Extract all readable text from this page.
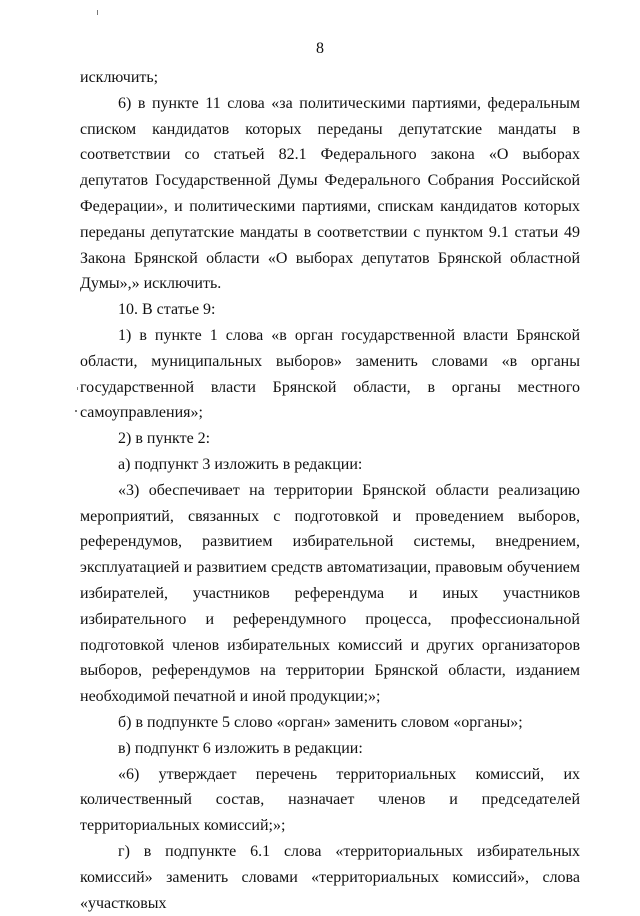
8

исключить;

6) в пункте 11 слова «за политическими партиями, федеральным списком кандидатов которых переданы депутатские мандаты в соответствии со статьей 82.1 Федерального закона «О выборах депутатов Государственной Думы Федерального Собрания Российской Федерации», и политическими партиями, спискам кандидатов которых переданы депутатские мандаты в соответствии с пунктом 9.1 статьи 49 Закона Брянской области «О выборах депутатов Брянской областной Думы»,» исключить.

10. В статье 9:

1) в пункте 1 слова «в орган государственной власти Брянской области, муниципальных выборов» заменить словами «в органы государственной власти Брянской области, в органы местного самоуправления»;

2) в пункте 2:

а) подпункт 3 изложить в редакции:

«3) обеспечивает на территории Брянской области реализацию мероприятий, связанных с подготовкой и проведением выборов, референдумов, развитием избирательной системы, внедрением, эксплуатацией и развитием средств автоматизации, правовым обучением избирателей, участников референдума и иных участников избирательного и референдумного процесса, профессиональной подготовкой членов избирательных комиссий и других организаторов выборов, референдумов на территории Брянской области, изданием необходимой печатной и иной продукции;»;

б) в подпункте 5 слово «орган» заменить словом «органы»;

в) подпункт 6 изложить в редакции:

«6) утверждает перечень территориальных комиссий, их количественный состав, назначает членов и председателей территориальных комиссий;»;

г) в подпункте 6.1 слова «территориальных избирательных комиссий» заменить словами «территориальных комиссий», слова «участковых
